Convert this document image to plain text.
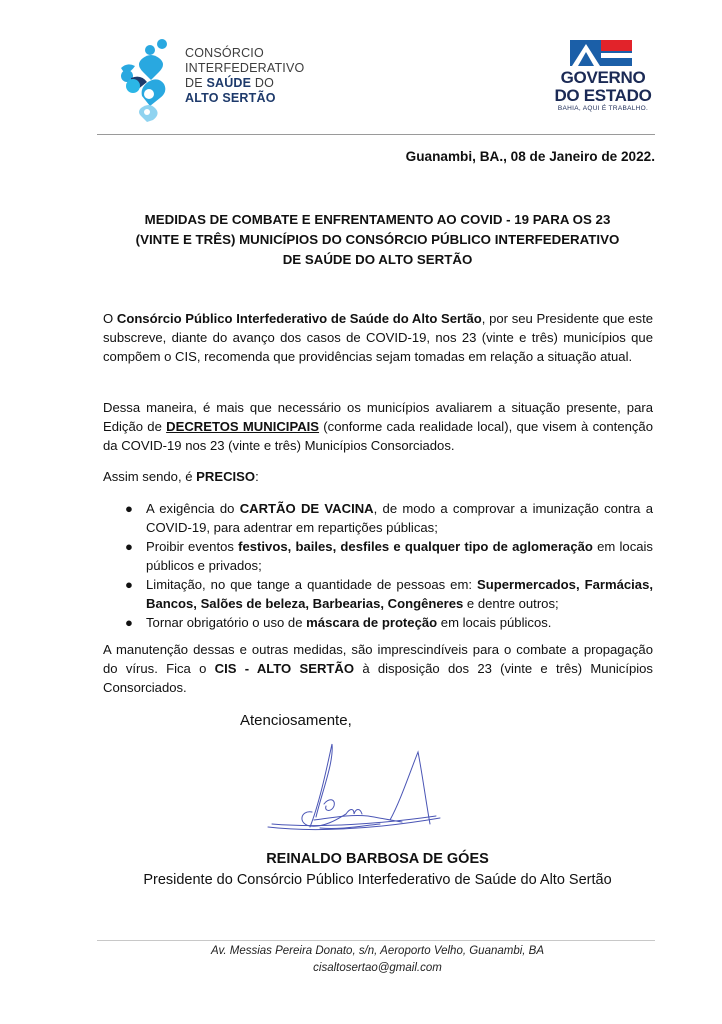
CONSÓRCIO
INTERFEDERATIVO
DE SAÚDE DO
ALTO SERTÃO
GOVERNO
DO ESTADO
BAHIA, AQUI É TRABALHO.
Guanambi, BA., 08 de Janeiro de 2022.
MEDIDAS DE COMBATE E ENFRENTAMENTO AO COVID - 19 PARA OS 23
(VINTE E TRÊS) MUNICÍPIOS DO CONSÓRCIO PÚBLICO INTERFEDERATIVO
DE SAÚDE DO ALTO SERTÃO
O Consórcio Público Interfederativo de Saúde do Alto Sertão, por seu Presidente que este subscreve, diante do avanço dos casos de COVID-19, nos 23 (vinte e três) municípios que compõem o CIS, recomenda que providências sejam tomadas em relação a situação atual.
Dessa maneira, é mais que necessário os municípios avaliarem a situação presente, para Edição de DECRETOS MUNICIPAIS (conforme cada realidade local), que visem à contenção da COVID-19 nos 23 (vinte e três) Municípios Consorciados.
Assim sendo, é PRECISO:
● A exigência do CARTÃO DE VACINA, de modo a comprovar a imunização contra a COVID-19, para adentrar em repartições públicas;
● Proibir eventos festivos, bailes, desfiles e qualquer tipo de aglomeração em locais públicos e privados;
● Limitação, no que tange a quantidade de pessoas em: Supermercados, Farmácias, Bancos, Salões de beleza, Barbearias, Congêneres e dentre outros;
● Tornar obrigatório o uso de máscara de proteção em locais públicos.
A manutenção dessas e outras medidas, são imprescindíveis para o combate a propagação do vírus. Fica o CIS - ALTO SERTÃO à disposição dos 23 (vinte e três) Municípios Consorciados.
Atenciosamente,
REINALDO BARBOSA DE GÓES
Presidente do Consórcio Público Interfederativo de Saúde do Alto Sertão
Av. Messias Pereira Donato, s/n, Aeroporto Velho, Guanambi, BA
cisaltosertao@gmail.com
